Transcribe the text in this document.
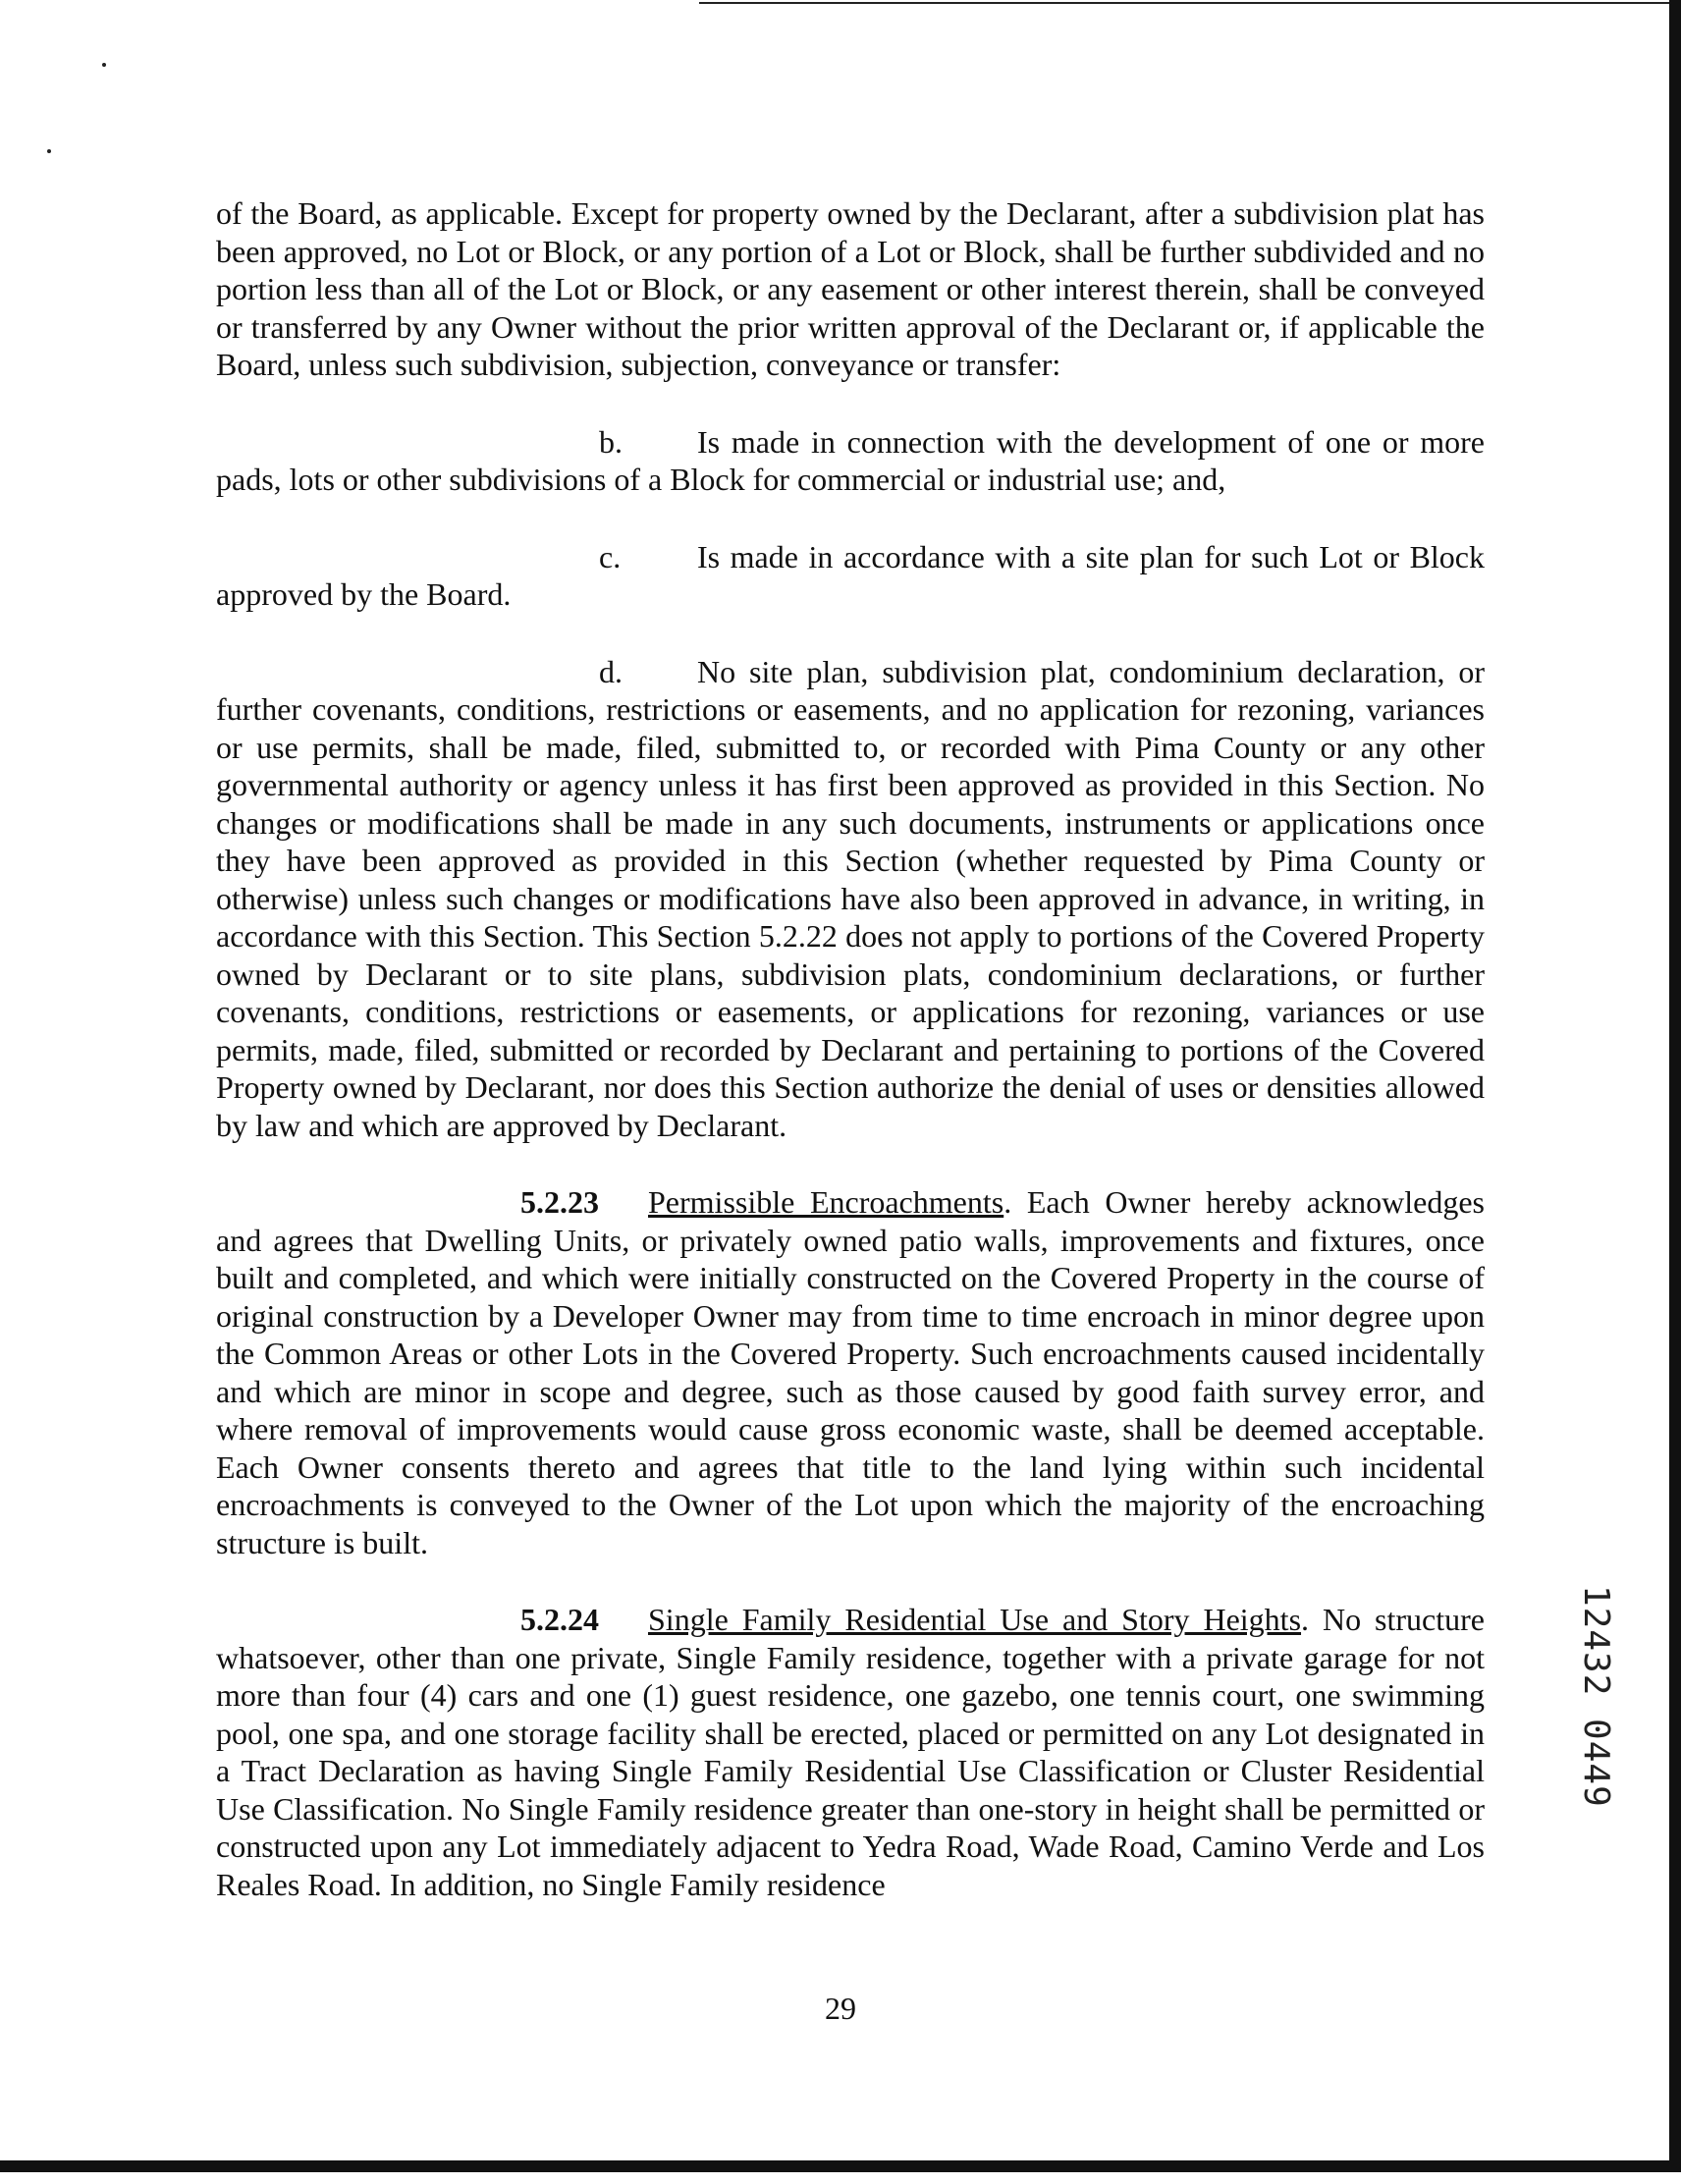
of the Board, as applicable. Except for property owned by the Declarant, after a subdivision plat has been approved, no Lot or Block, or any portion of a Lot or Block, shall be further subdivided and no portion less than all of the Lot or Block, or any easement or other interest therein, shall be conveyed or transferred by any Owner without the prior written approval of the Declarant or, if applicable the Board, unless such subdivision, subjection, conveyance or transfer:

b. Is made in connection with the development of one or more pads, lots or other subdivisions of a Block for commercial or industrial use; and,

c. Is made in accordance with a site plan for such Lot or Block approved by the Board.

d. No site plan, subdivision plat, condominium declaration, or further covenants, conditions, restrictions or easements, and no application for rezoning, variances or use permits, shall be made, filed, submitted to, or recorded with Pima County or any other governmental authority or agency unless it has first been approved as provided in this Section. No changes or modifications shall be made in any such documents, instruments or applications once they have been approved as provided in this Section (whether requested by Pima County or otherwise) unless such changes or modifications have also been approved in advance, in writing, in accordance with this Section. This Section 5.2.22 does not apply to portions of the Covered Property owned by Declarant or to site plans, subdivision plats, condominium declarations, or further covenants, conditions, restrictions or easements, or applications for rezoning, variances or use permits, made, filed, submitted or recorded by Declarant and pertaining to portions of the Covered Property owned by Declarant, nor does this Section authorize the denial of uses or densities allowed by law and which are approved by Declarant.

5.2.23 Permissible Encroachments. Each Owner hereby acknowledges and agrees that Dwelling Units, or privately owned patio walls, improvements and fixtures, once built and completed, and which were initially constructed on the Covered Property in the course of original construction by a Developer Owner may from time to time encroach in minor degree upon the Common Areas or other Lots in the Covered Property. Such encroachments caused incidentally and which are minor in scope and degree, such as those caused by good faith survey error, and where removal of improvements would cause gross economic waste, shall be deemed acceptable. Each Owner consents thereto and agrees that title to the land lying within such incidental encroachments is conveyed to the Owner of the Lot upon which the majority of the encroaching structure is built.

5.2.24 Single Family Residential Use and Story Heights. No structure whatsoever, other than one private, Single Family residence, together with a private garage for not more than four (4) cars and one (1) guest residence, one gazebo, one tennis court, one swimming pool, one spa, and one storage facility shall be erected, placed or permitted on any Lot designated in a Tract Declaration as having Single Family Residential Use Classification or Cluster Residential Use Classification. No Single Family residence greater than one-story in height shall be permitted or constructed upon any Lot immediately adjacent to Yedra Road, Wade Road, Camino Verde and Los Reales Road. In addition, no Single Family residence

29
12432 0449
